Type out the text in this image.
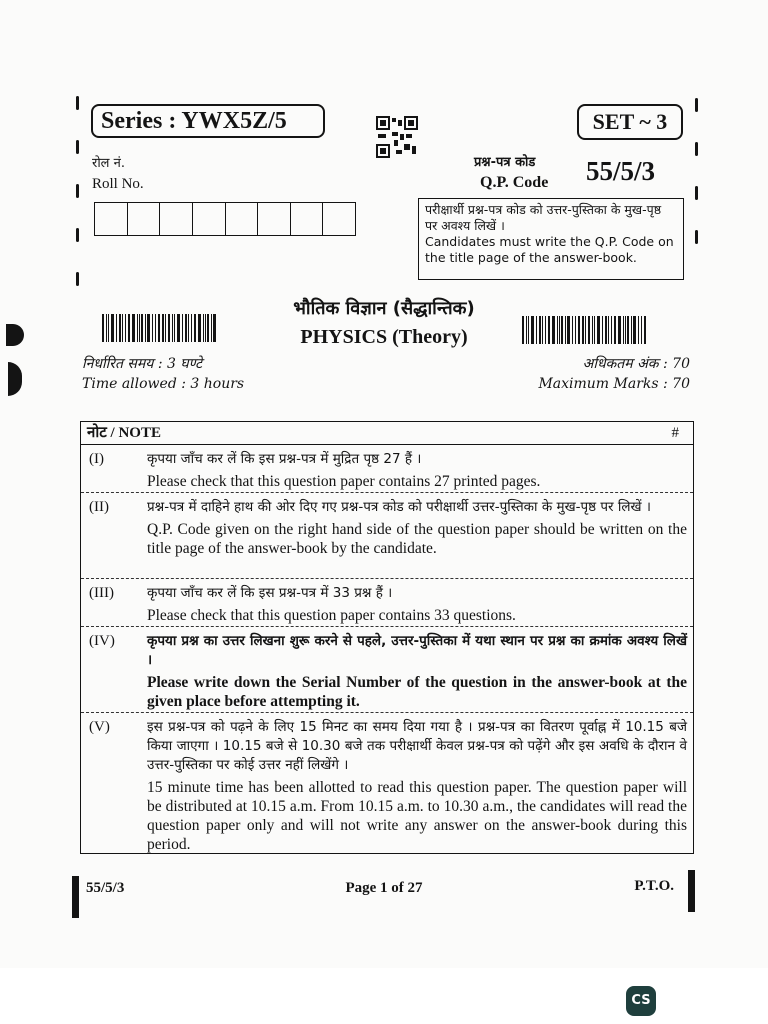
Series : YWX5Z/5	SET ~ 3
रोल नं.
Roll No.
प्रश्न-पत्र कोड
Q.P. Code 55/5/3
परीक्षार्थी प्रश्न-पत्र कोड को उत्तर-पुस्तिका के मुख-पृष्ठ पर अवश्य लिखें ।
Candidates must write the Q.P. Code on the title page of the answer-book.
भौतिक विज्ञान (सैद्धान्तिक)
PHYSICS (Theory)
निर्धारित समय : 3 घण्टे
Time allowed : 3 hours
अधिकतम अंक : 70
Maximum Marks : 70
नोट / NOTE	#
(I)	कृपया जाँच कर लें कि इस प्रश्न-पत्र में मुद्रित पृष्ठ 27 हैं ।

Please check that this question paper contains 27 printed pages.

(II)	प्रश्न-पत्र में दाहिने हाथ की ओर दिए गए प्रश्न-पत्र कोड को परीक्षार्थी उत्तर-पुस्तिका के मुख-पृष्ठ पर लिखें ।

Q.P. Code given on the right hand side of the question paper should be written on the title page of the answer-book by the candidate.

(III) कृपया जाँच कर लें कि इस प्रश्न-पत्र में 33 प्रश्न हैं ।

Please check that this question paper contains 33 questions.

(IV) कृपया प्रश्न का उत्तर लिखना शुरू करने से पहले, उत्तर-पुस्तिका में यथा स्थान पर प्रश्न का क्रमांक अवश्य लिखें ।

Please write down the Serial Number of the question in the answer-book at the given place before attempting it.

(V)	इस प्रश्न-पत्र को पढ़ने के लिए 15 मिनट का समय दिया गया है । प्रश्न-पत्र का वितरण पूर्वाह्न में 10.15 बजे किया जाएगा । 10.15 बजे से 10.30 बजे तक परीक्षार्थी केवल प्रश्न-पत्र को पढ़ेंगे और इस अवधि के दौरान वे उत्तर-पुस्तिका पर कोई उत्तर नहीं लिखेंगे ।

15 minute time has been allotted to read this question paper. The question paper will be distributed at 10.15 a.m. From 10.15 a.m. to 10.30 a.m., the candidates will read the question paper only and will not write any answer on the answer-book during this period.

55/5/3	Page 1 of 27	P.T.O.
CS
